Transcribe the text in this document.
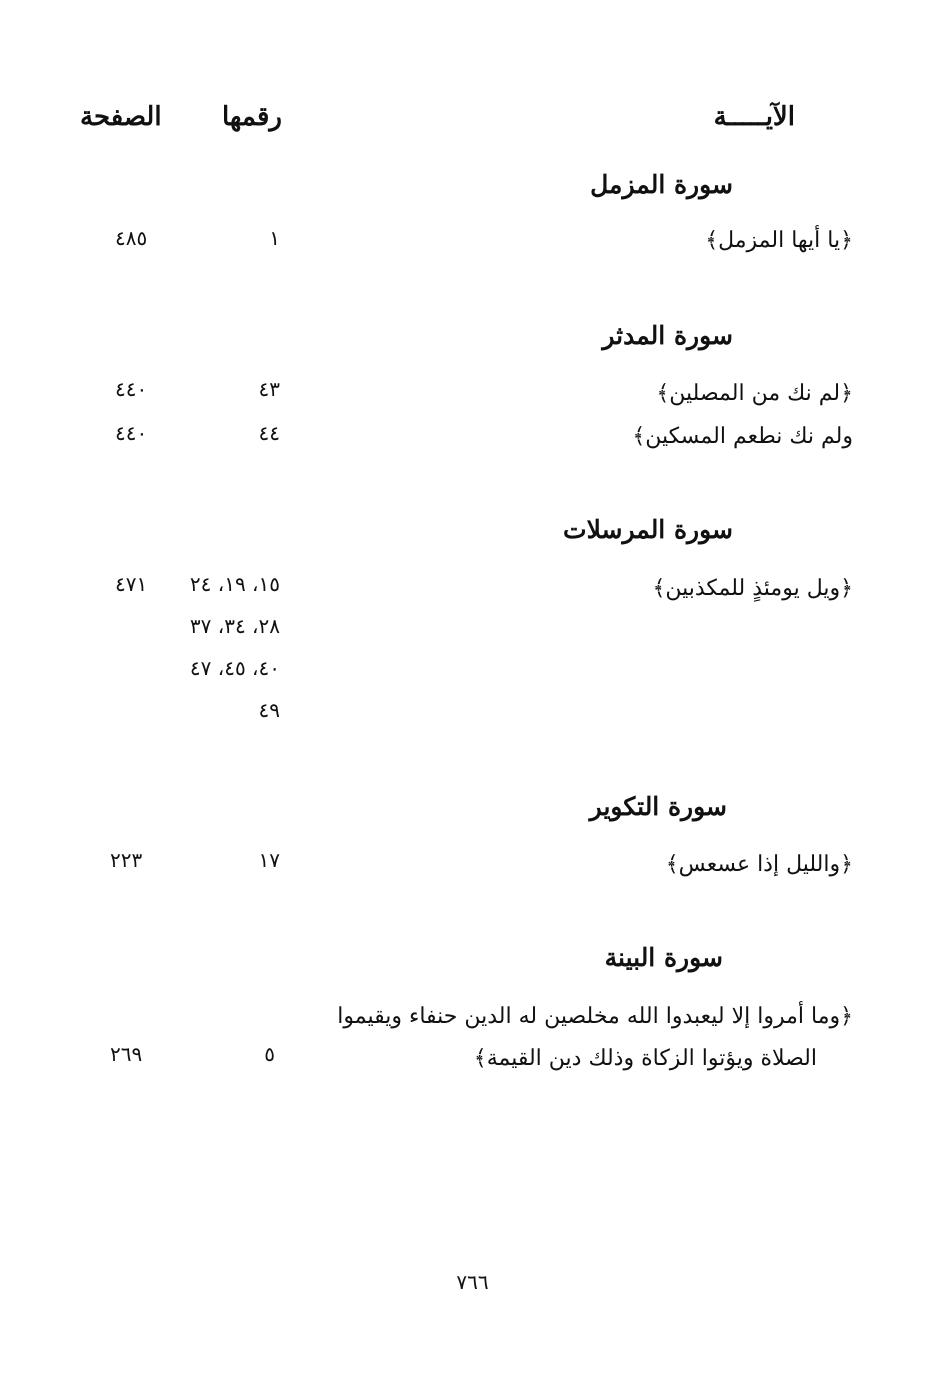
الآيـــــة
رقمها
الصفحة
سورة المزمل
﴿يا أيها المزمل﴾
١
٤٨٥
سورة المدثر
﴿لم نك من المصلين﴾
٤٣
٤٤٠
ولم نك نطعم المسكين﴾
٤٤
٤٤٠
سورة المرسلات
﴿ويل يومئذٍ للمكذبين﴾
١٥، ١٩، ٢٤
٢٨، ٣٤، ٣٧
٤٠، ٤٥، ٤٧
٤٩
٤٧١
سورة التكوير
﴿والليل إذا عسعس﴾
١٧
٢٢٣
سورة البينة
﴿وما أمروا إلا ليعبدوا الله مخلصين له الدين حنفاء ويقيموا
الصلاة ويؤتوا الزكاة وذلك دين القيمة﴾
٥
٢٦٩
٧٦٦
